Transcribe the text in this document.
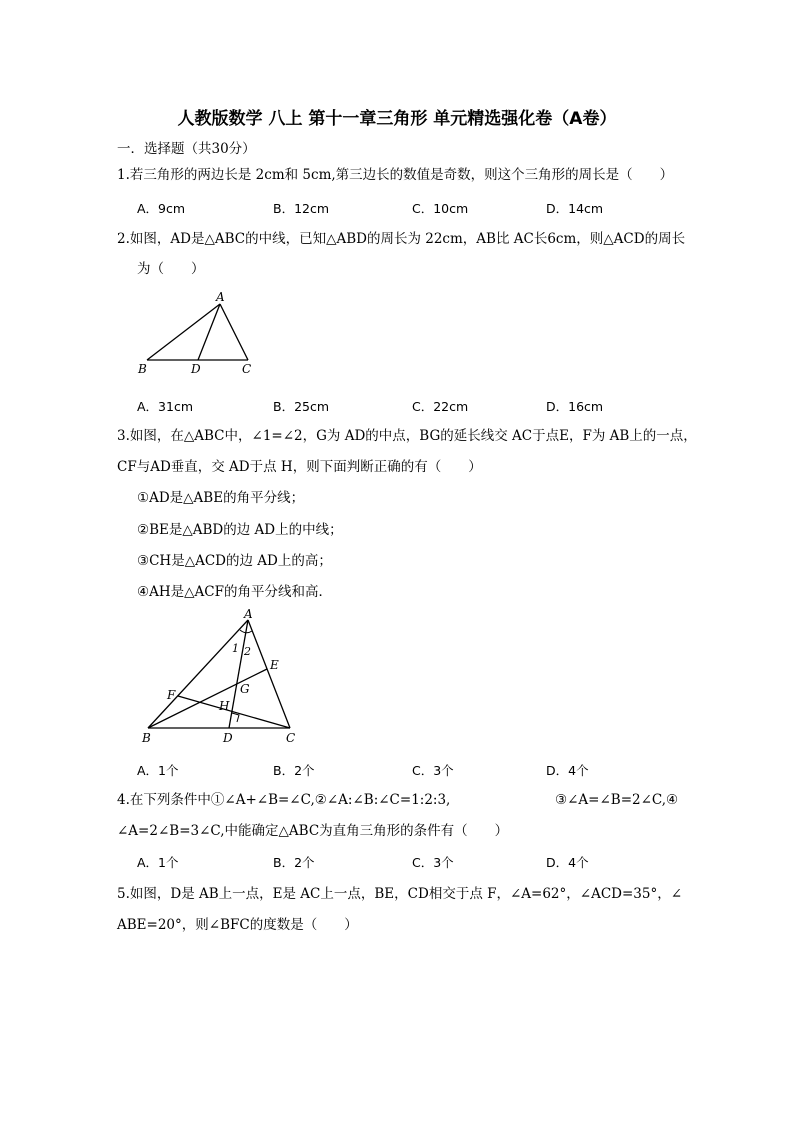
人教版数学 八上 第十一章三角形 单元精选强化卷（A卷）
一．选择题（共30分）
1.若三角形的两边长是 2cm和 5cm,第三边长的数值是奇数，则这个三角形的周长是（　　）
A．9cm	B．12cm	C．10cm	D．14cm
2.如图，AD是△ABC的中线，已知△ABD的周长为 22cm，AB比 AC长6cm，则△ACD的周长
为（　　）
A
B	D	C
A．31cm	B．25cm	C．22cm	D．16cm
3.如图，在△ABC中，∠1=∠2，G为 AD的中点，BG的延长线交 AC于点E，F为 AB上的一点，
CF与AD垂直，交 AD于点 H，则下面判断正确的有（　　）
①AD是△ABE的角平分线；
②BE是△ABD的边 AD上的中线；
③CH是△ACD的边 AD上的高；
④AH是△ACF的角平分线和高．
A
1 2
E
F	G
H
B	D	C
A．1个	B．2个	C．3个	D．4个
4.在下列条件中①∠A+∠B=∠C,②∠A:∠B:∠C=1:2:3,	③∠A=∠B=2∠C,④
∠A=2∠B=3∠C,中能确定△ABC为直角三角形的条件有（　　）
A．1个	B．2个	C．3个	D．4个
5.如图，D是 AB上一点，E是 AC上一点，BE，CD相交于点 F，∠A=62°，∠ACD=35°，∠
ABE=20°，则∠BFC的度数是（　　）
